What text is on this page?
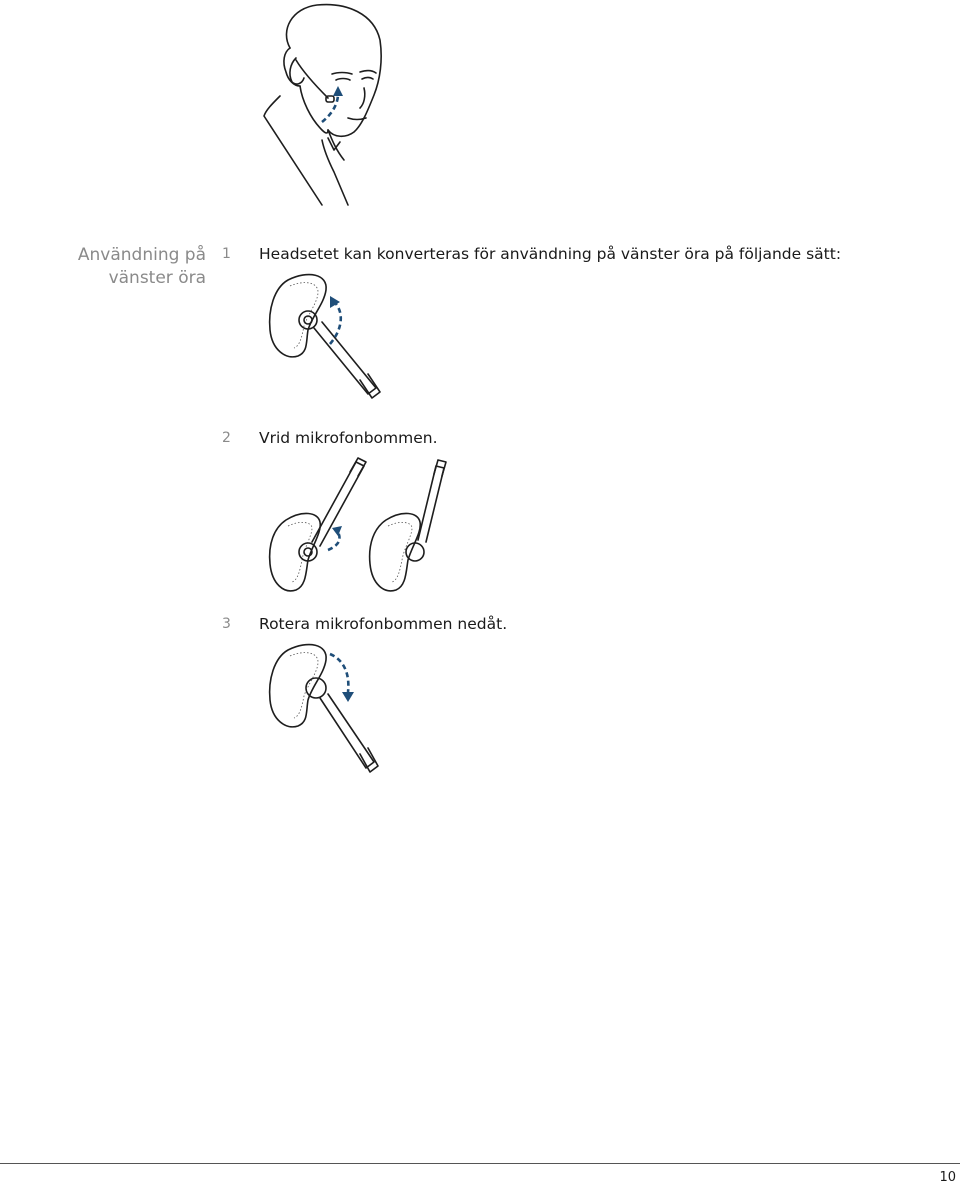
Användning på vänster öra
1	Headsetet kan konverteras för användning på vänster öra på följande sätt:
2	Vrid mikrofonbommen.
3	Rotera mikrofonbommen nedåt.
10
